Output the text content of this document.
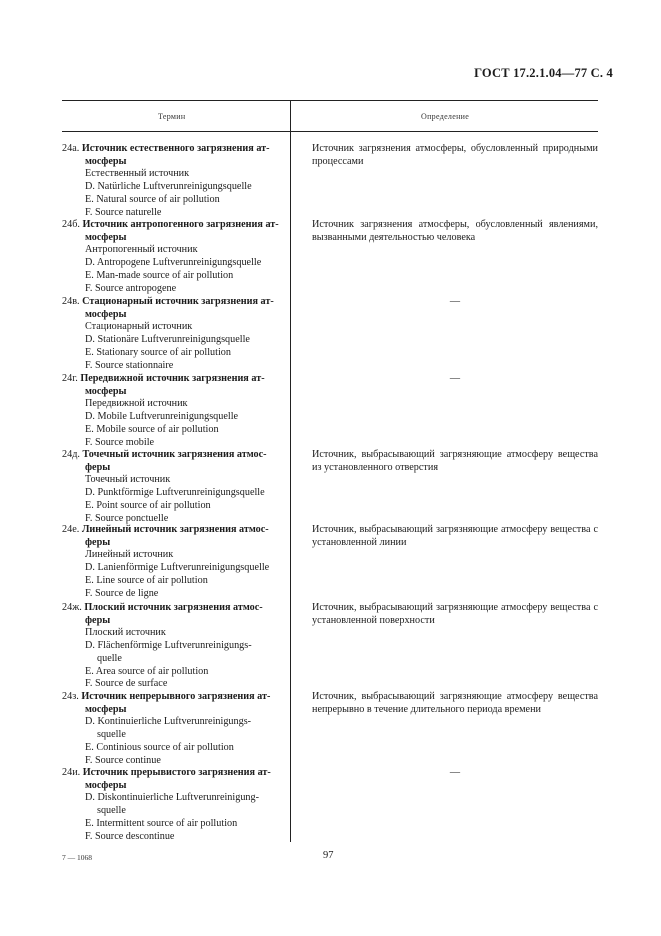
ГОСТ 17.2.1.04—77 С. 4
Термин	Определение
24а. Источник естественного загрязнения ат-
мосферы
Естественный источник
D. Natürliche Luftverunreinigungsquelle
E. Natural source of air pollution
F. Source naturelle
Источник загрязнения атмосферы, обусловленный природными процессами
24б. Источник антропогенного загрязнения ат-
мосферы
Антропогенный источник
D. Antropogene Luftverunreinigungsquelle
E. Man-made source of air pollution
F. Source antropogene
Источник загрязнения атмосферы, обусловленный явлениями, вызванными деятельностью человека
24в. Стационарный источник загрязнения ат-
мосферы
Стационарный источник
D. Stationäre Luftverunreinigungsquelle
E. Stationary source of air pollution
F. Source stationnaire
—
24г. Передвижной источник загрязнения ат-
мосферы
Передвижной источник
D. Mobile Luftverunreinigungsquelle
E. Mobile source of air pollution
F. Source mobile
—
24д. Точечный источник загрязнения атмос-
феры
Точечный источник
D. Punktförmige Luftverunreinigungsquelle
E. Point source of air pollution
F. Source ponctuelle
Источник, выбрасывающий загрязняющие атмосферу вещества из установленного отверстия
24е. Линейный источник загрязнения атмос-
феры
Линейный источник
D. Lanienförmige Luftverunreinigungsquelle
E. Line source of air pollution
F. Source de ligne
Источник, выбрасывающий загрязняющие атмосферу вещества с установленной линии
24ж. Плоский источник загрязнения атмос-
феры
Плоский источник
D. Flächenförmige Luftverunreinigungs-
quelle
E. Area source of air pollution
F. Source de surface
Источник, выбрасывающий загрязняющие атмосферу вещества с установленной поверхности
24з. Источник непрерывного загрязнения ат-
мосферы
D. Kontinuierliche Luftverunreinigungs-
squelle
E. Continious source of air pollution
F. Source continue
Источник, выбрасывающий загрязняющие атмосферу вещества непрерывно в течение длительного периода времени
24и. Источник прерывистого загрязнения ат-
мосферы
D. Diskontinuierliche Luftverunreinigung-
squelle
E. Intermittent source of air pollution
F. Source descontinue
—
7 — 1068	97
